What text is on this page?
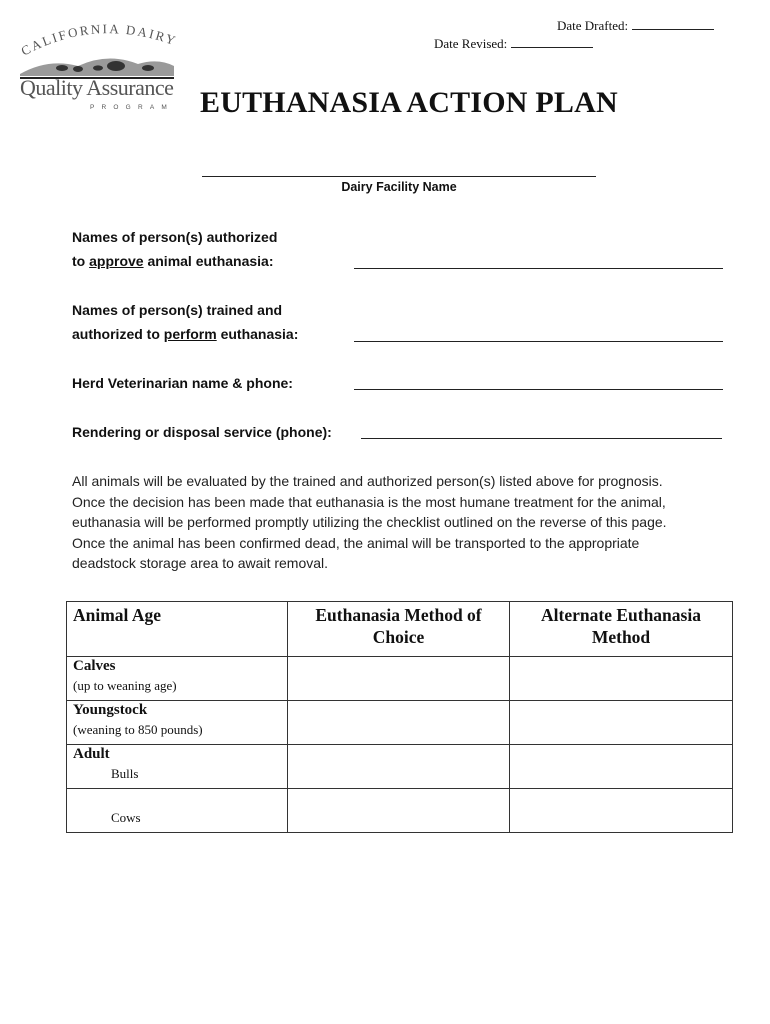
Date Drafted:
Date Revised:
CALIFORNIA DAIRY
Quality Assurance
PROGRAM EUTHANASIA ACTION PLAN
Dairy Facility Name
Names of person(s) authorized
to approve animal euthanasia:
Names of person(s) trained and
authorized to perform euthanasia:
Herd Veterinarian name & phone:
Rendering or disposal service (phone):
All animals will be evaluated by the trained and authorized person(s) listed above for prognosis.
Once the decision has been made that euthanasia is the most humane treatment for the animal,
euthanasia will be performed promptly utilizing the checklist outlined on the reverse of this page.
Once the animal has been confirmed dead, the animal will be transported to the appropriate
deadstock storage area to await removal.
Animal Age	Euthanasia Method of Choice	Alternate Euthanasia Method

Calves
(up to weaning age)		

Youngstock
(weaning to 850 pounds)		

Adult
Bulls		

Cows		
